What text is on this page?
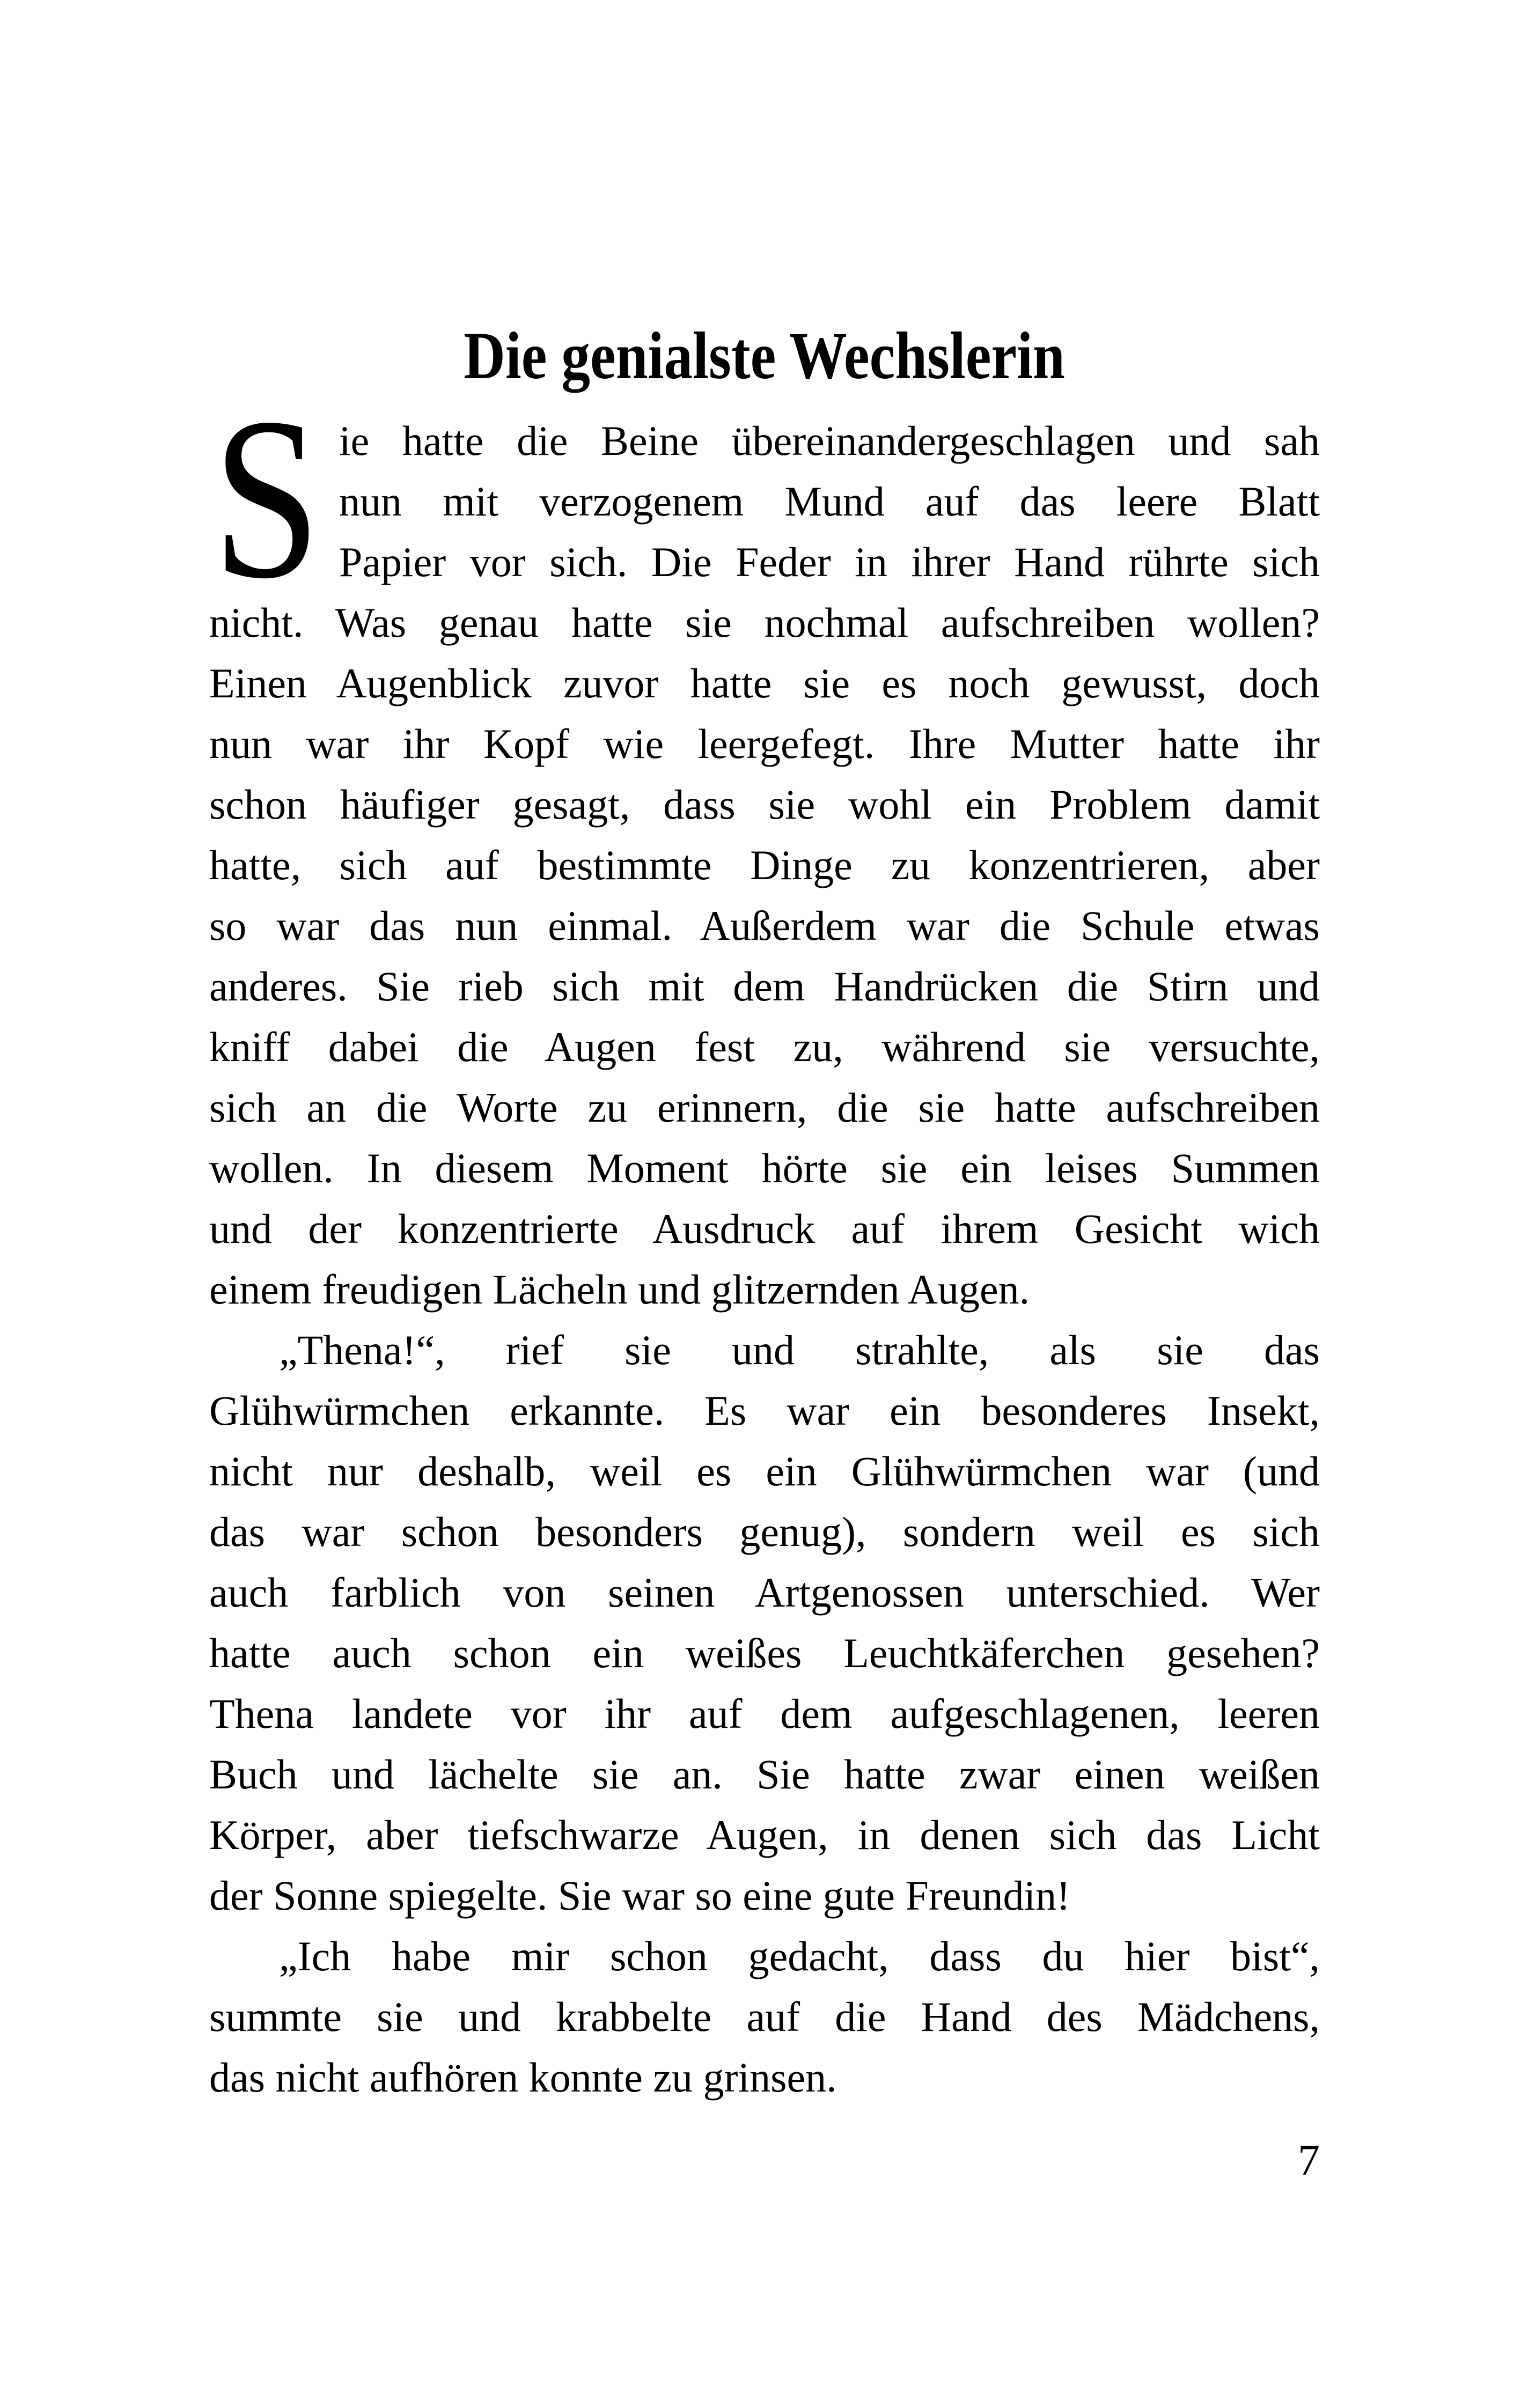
Die genialste Wechslerin
S ie hatte die Beine übereinandergeschlagen und sah
nun mit verzogenem Mund auf das leere Blatt
Papier vor sich. Die Feder in ihrer Hand rührte sich
nicht. Was genau hatte sie nochmal aufschreiben wollen?
Einen Augenblick zuvor hatte sie es noch gewusst, doch
nun war ihr Kopf wie leergefegt. Ihre Mutter hatte ihr
schon häufiger gesagt, dass sie wohl ein Problem damit
hatte, sich auf bestimmte Dinge zu konzentrieren, aber
so war das nun einmal. Außerdem war die Schule etwas
anderes. Sie rieb sich mit dem Handrücken die Stirn und
kniff dabei die Augen fest zu, während sie versuchte,
sich an die Worte zu erinnern, die sie hatte aufschreiben
wollen. In diesem Moment hörte sie ein leises Summen
und der konzentrierte Ausdruck auf ihrem Gesicht wich
einem freudigen Lächeln und glitzernden Augen.
„Thena!“, rief sie und strahlte, als sie das
Glühwürmchen erkannte. Es war ein besonderes Insekt,
nicht nur deshalb, weil es ein Glühwürmchen war (und
das war schon besonders genug), sondern weil es sich
auch farblich von seinen Artgenossen unterschied. Wer
hatte auch schon ein weißes Leuchtkäferchen gesehen?
Thena landete vor ihr auf dem aufgeschlagenen, leeren
Buch und lächelte sie an. Sie hatte zwar einen weißen
Körper, aber tiefschwarze Augen, in denen sich das Licht
der Sonne spiegelte. Sie war so eine gute Freundin!
„Ich habe mir schon gedacht, dass du hier bist“,
summte sie und krabbelte auf die Hand des Mädchens,
das nicht aufhören konnte zu grinsen.
7
